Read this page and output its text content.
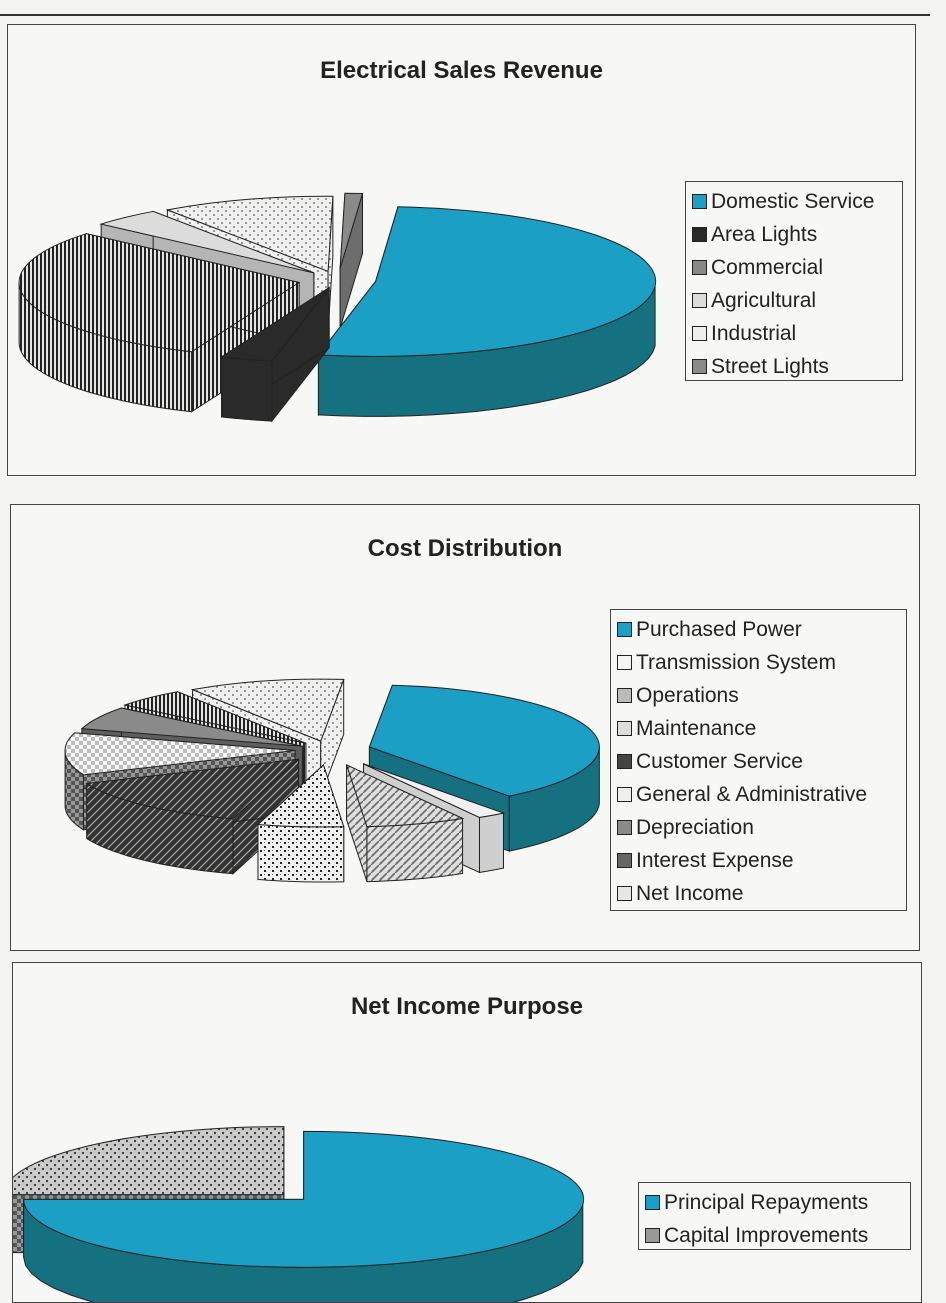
Electrical Sales Revenue
Domestic Service
Area Lights
Commercial
Agricultural
Industrial
Street Lights
Cost Distribution
Purchased Power
Transmission System
Operations
Maintenance
Customer Service
General & Administrative
Depreciation
Interest Expense
Net Income
Net Income Purpose
Principal Repayments
Capital Improvements
